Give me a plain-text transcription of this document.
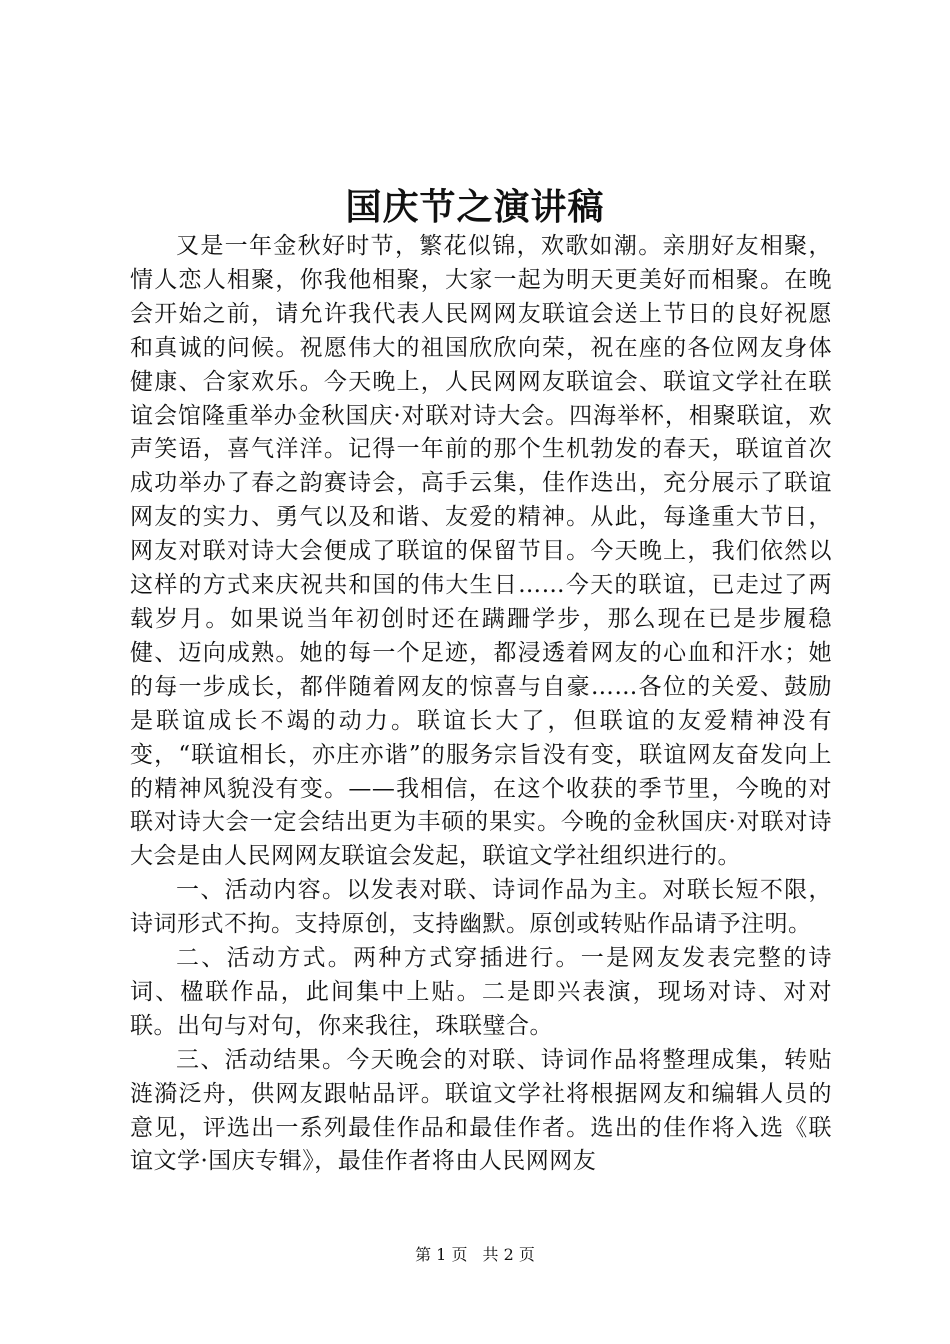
国庆节之演讲稿

又是一年金秋好时节，繁花似锦，欢歌如潮。亲朋好友相聚，情人恋人相聚，你我他相聚，大家一起为明天更美好而相聚。在晚会开始之前，请允许我代表人民网网友联谊会送上节日的良好祝愿和真诚的问候。祝愿伟大的祖国欣欣向荣，祝在座的各位网友身体健康、合家欢乐。今天晚上，人民网网友联谊会、联谊文学社在联谊会馆隆重举办金秋国庆·对联对诗大会。四海举杯，相聚联谊，欢声笑语，喜气洋洋。记得一年前的那个生机勃发的春天，联谊首次成功举办了春之韵赛诗会，高手云集，佳作迭出，充分展示了联谊网友的实力、勇气以及和谐、友爱的精神。从此，每逢重大节日，网友对联对诗大会便成了联谊的保留节目。今天晚上，我们依然以这样的方式来庆祝共和国的伟大生日……今天的联谊，已走过了两载岁月。如果说当年初创时还在蹒跚学步，那么现在已是步履稳健、迈向成熟。她的每一个足迹，都浸透着网友的心血和汗水；她的每一步成长，都伴随着网友的惊喜与自豪……各位的关爱、鼓励是联谊成长不竭的动力。联谊长大了，但联谊的友爱精神没有变，“联谊相长，亦庄亦谐”的服务宗旨没有变，联谊网友奋发向上的精神风貌没有变。——我相信，在这个收获的季节里，今晚的对联对诗大会一定会结出更为丰硕的果实。今晚的金秋国庆·对联对诗大会是由人民网网友联谊会发起，联谊文学社组织进行的。

一、活动内容。以发表对联、诗词作品为主。对联长短不限，诗词形式不拘。支持原创，支持幽默。原创或转贴作品请予注明。

二、活动方式。两种方式穿插进行。一是网友发表完整的诗词、楹联作品，此间集中上贴。二是即兴表演，现场对诗、对对联。出句与对句，你来我往，珠联璧合。

三、活动结果。今天晚会的对联、诗词作品将整理成集，转贴涟漪泛舟，供网友跟帖品评。联谊文学社将根据网友和编辑人员的意见，评选出一系列最佳作品和最佳作者。选出的佳作将入选《联谊文学·国庆专辑》，最佳作者将由人民网网友

第 1 页 共 2 页
